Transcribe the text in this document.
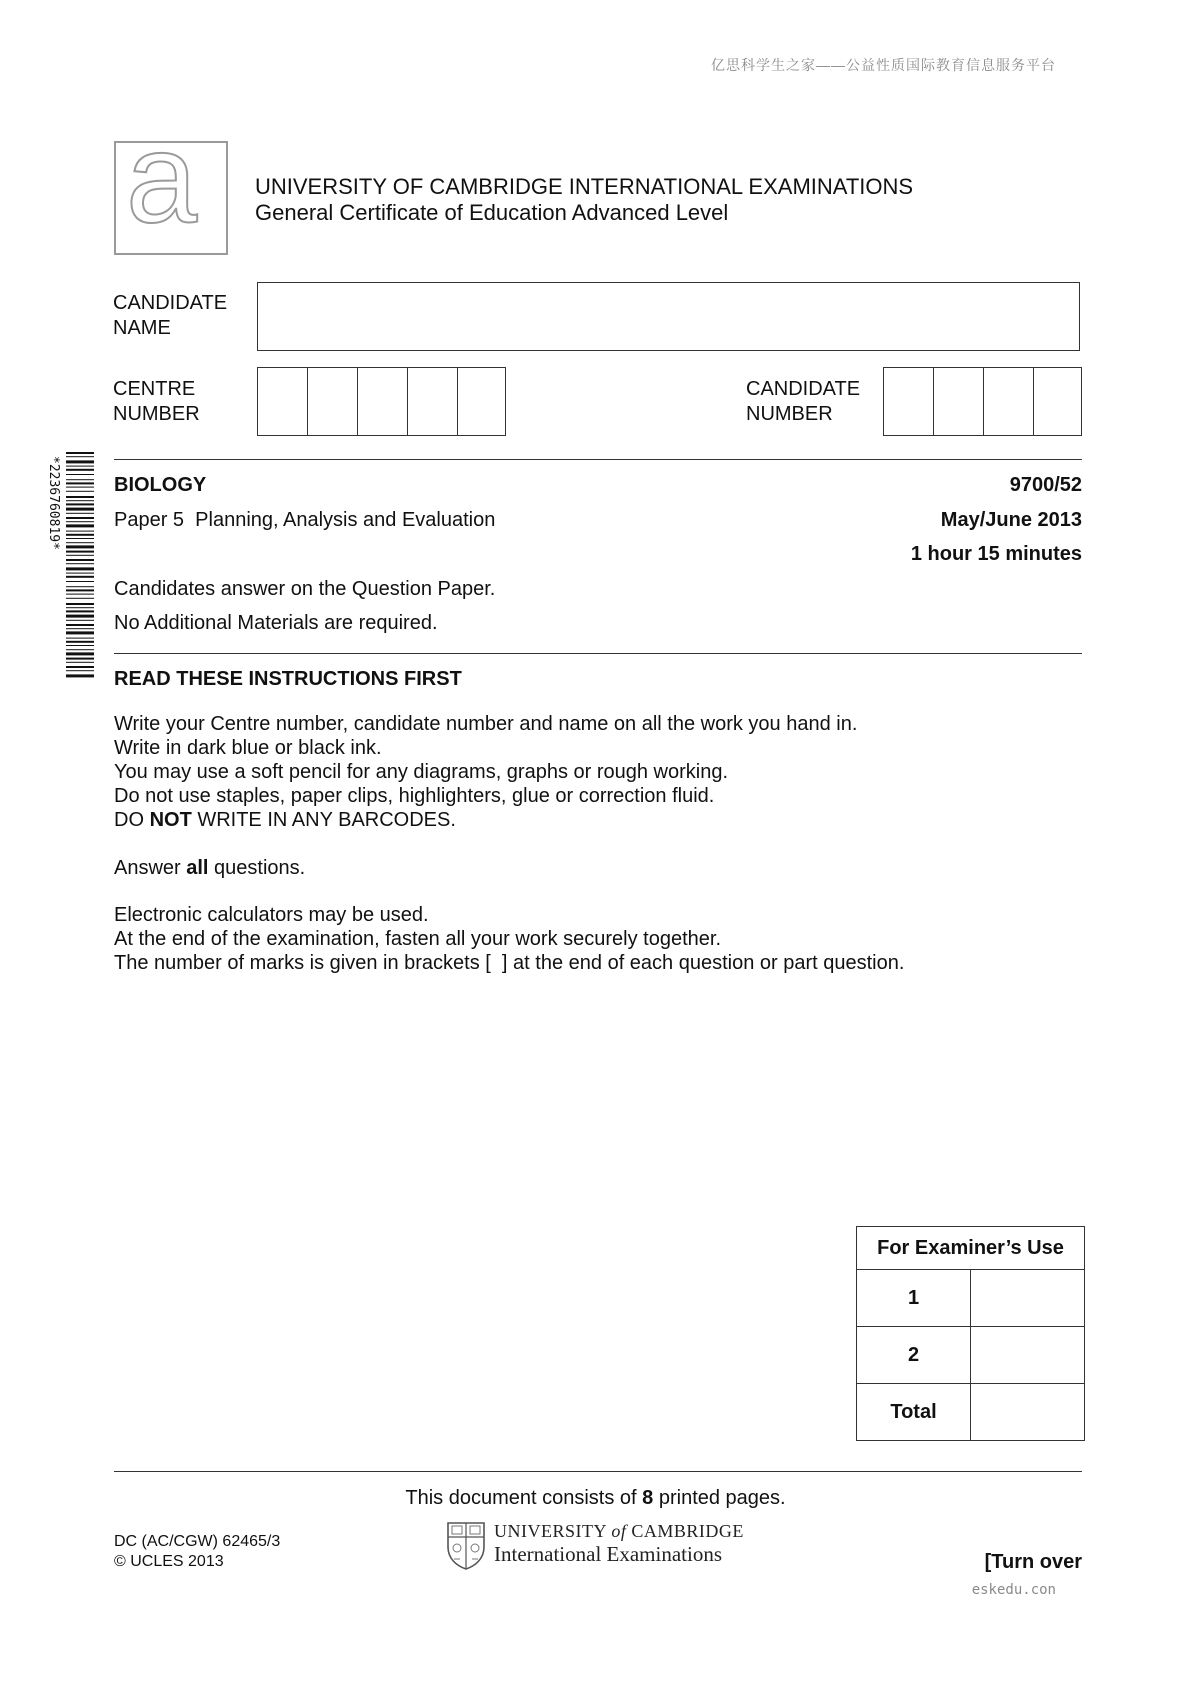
亿思科学生之家——公益性质国际教育信息服务平台
a	UNIVERSITY OF CAMBRIDGE INTERNATIONAL EXAMINATIONS
General Certificate of Education Advanced Level
CANDIDATE
NAME
CENTRE
NUMBER
CANDIDATE
NUMBER
*2236760819*	BIOLOGY	9700/52
Paper 5  Planning, Analysis and Evaluation	May/June 2013
1 hour 15 minutes
Candidates answer on the Question Paper.
No Additional Materials are required.
READ THESE INSTRUCTIONS FIRST
Write your Centre number, candidate number and name on all the work you hand in.
Write in dark blue or black ink.
You may use a soft pencil for any diagrams, graphs or rough working.
Do not use staples, paper clips, highlighters, glue or correction fluid.
DO NOT WRITE IN ANY BARCODES.
Answer all questions.
Electronic calculators may be used.
At the end of the examination, fasten all your work securely together.
The number of marks is given in brackets [  ] at the end of each question or part question.
For Examiner’s Use	
1	
2	
Total	
This document consists of 8 printed pages.
DC (AC/CGW) 62465/3
© UCLES 2013
UNIVERSITY of CAMBRIDGE
International Examinations	[Turn over
eskedu.con
